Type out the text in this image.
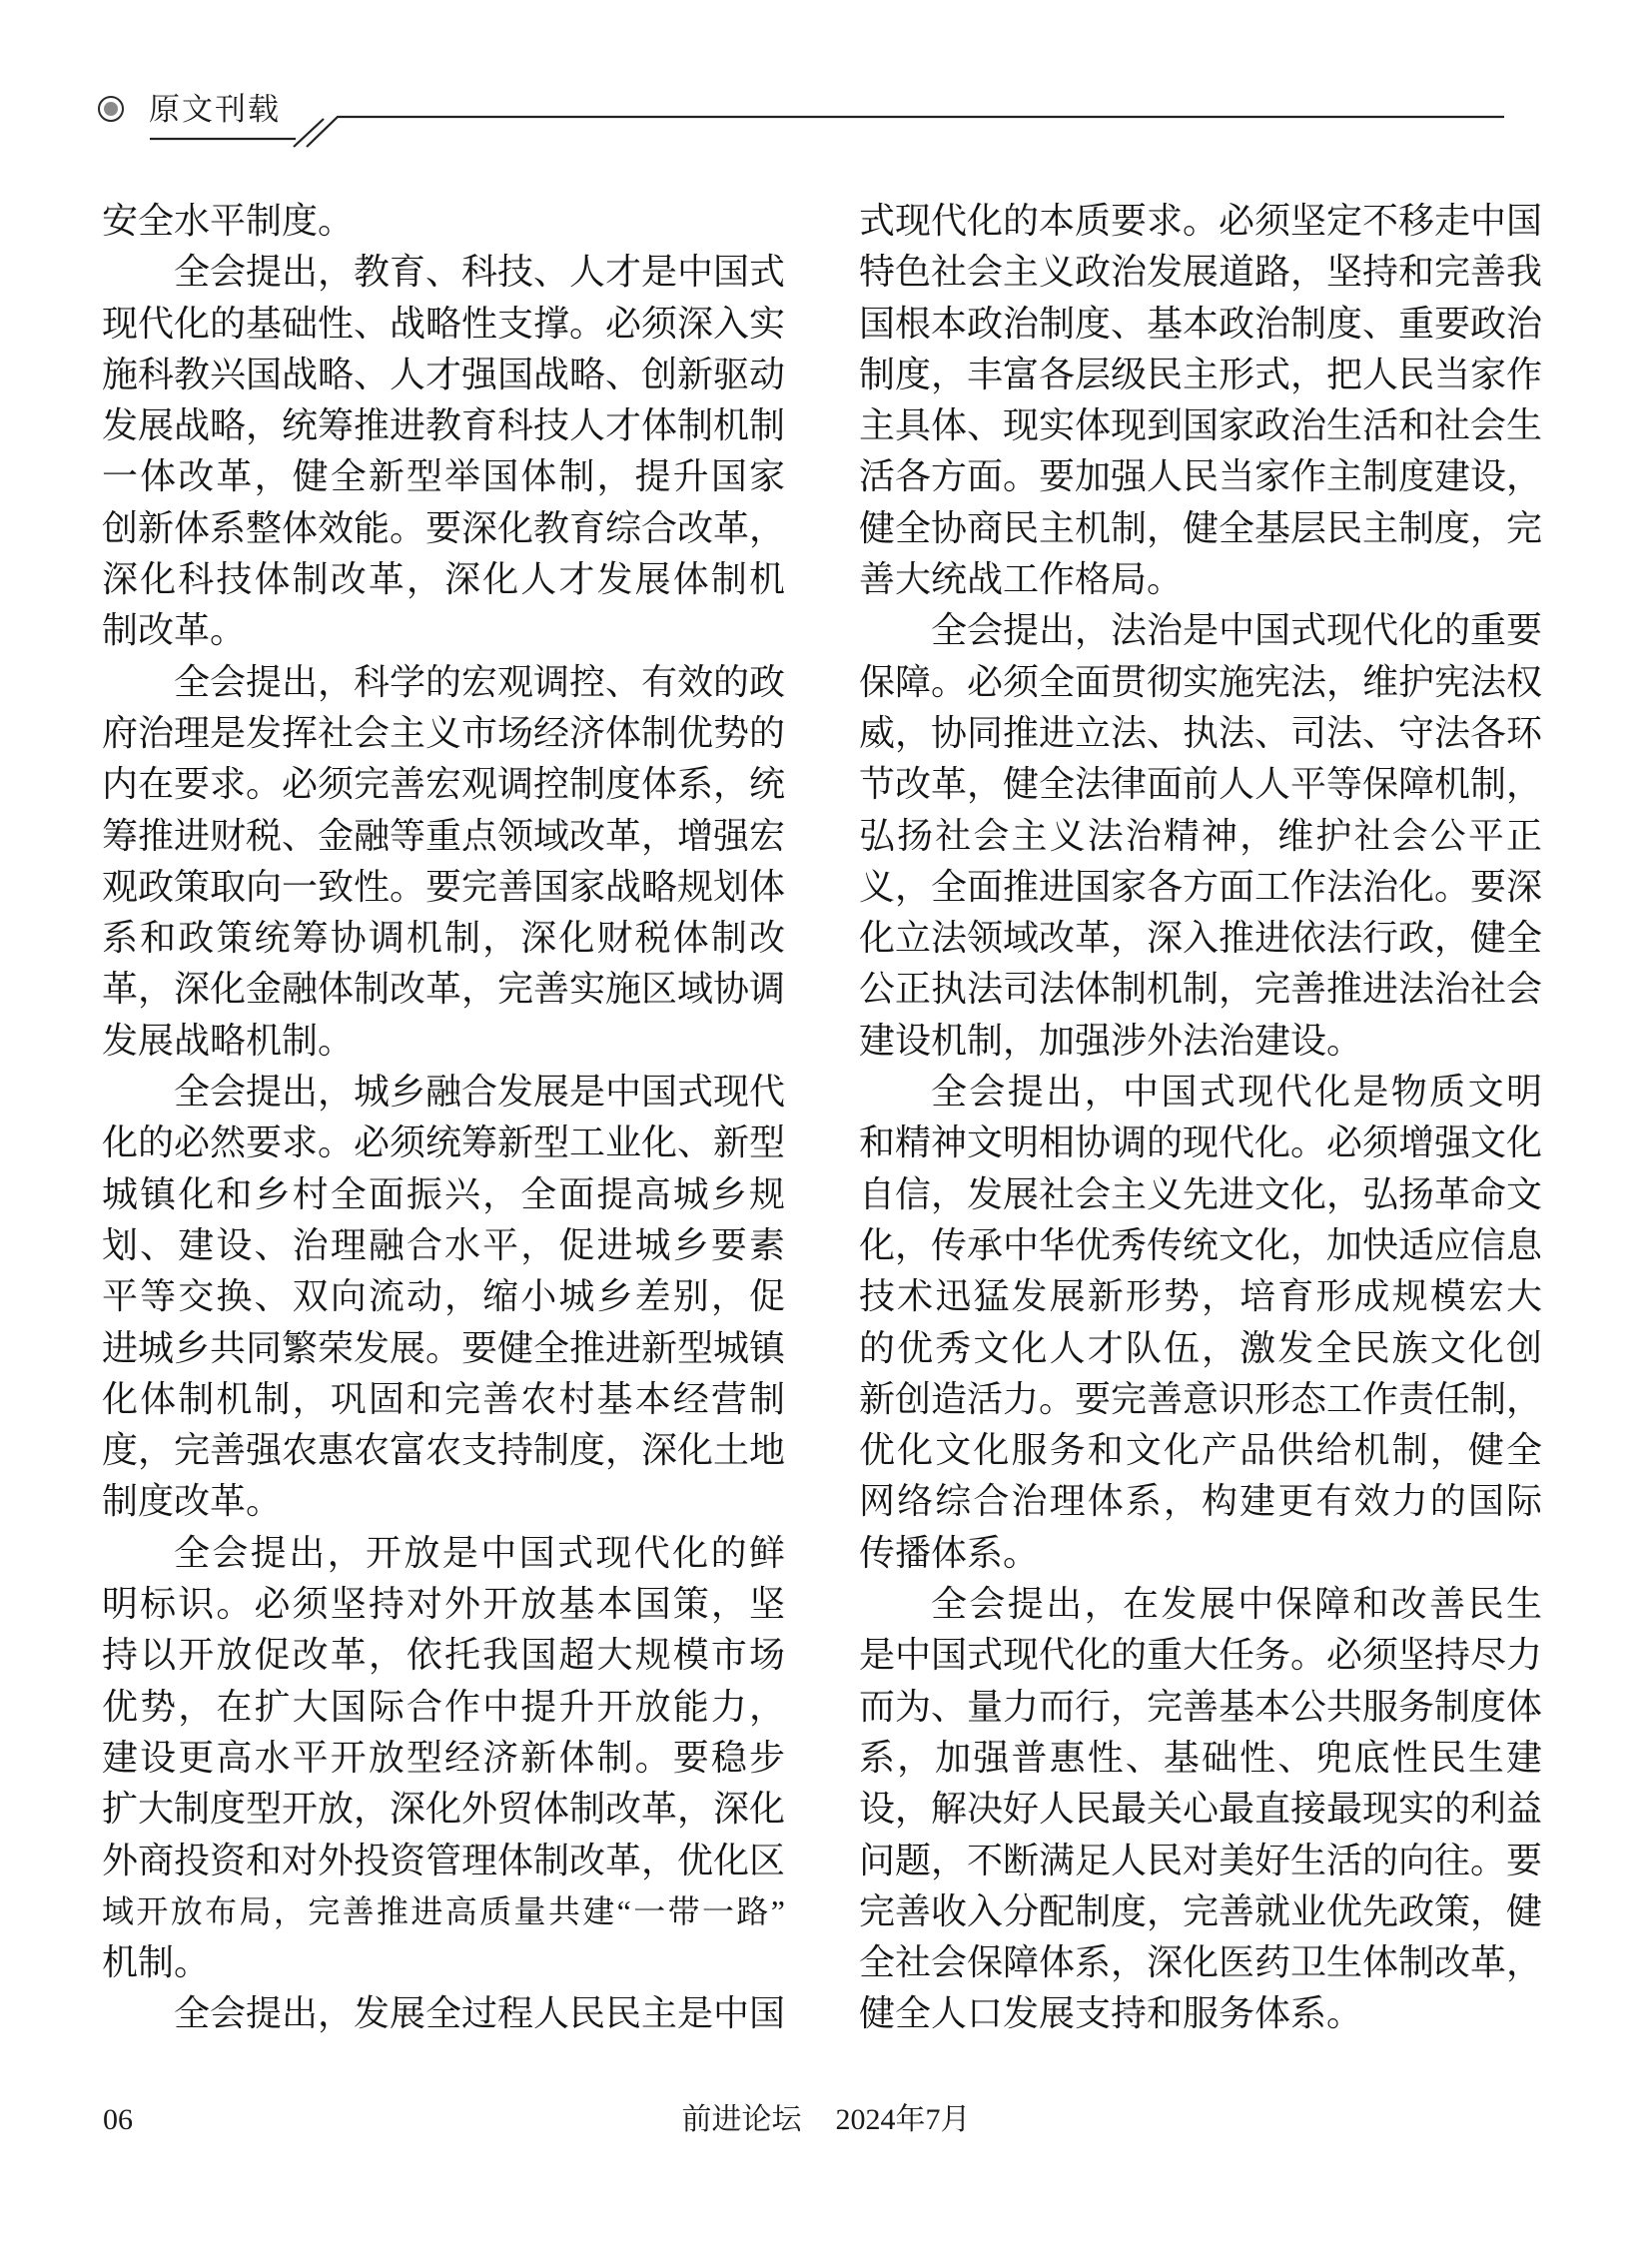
原文刊载
安全水平制度。
全会提出，教育、科技、人才是中国式
现代化的基础性、战略性支撑。必须深入实
施科教兴国战略、人才强国战略、创新驱动
发展战略，统筹推进教育科技人才体制机制
一体改革，健全新型举国体制，提升国家
创新体系整体效能。要深化教育综合改革，
深化科技体制改革，深化人才发展体制机
制改革。
全会提出，科学的宏观调控、有效的政
府治理是发挥社会主义市场经济体制优势的
内在要求。必须完善宏观调控制度体系，统
筹推进财税、金融等重点领域改革，增强宏
观政策取向一致性。要完善国家战略规划体
系和政策统筹协调机制，深化财税体制改
革，深化金融体制改革，完善实施区域协调
发展战略机制。
全会提出，城乡融合发展是中国式现代
化的必然要求。必须统筹新型工业化、新型
城镇化和乡村全面振兴，全面提高城乡规
划、建设、治理融合水平，促进城乡要素
平等交换、双向流动，缩小城乡差别，促
进城乡共同繁荣发展。要健全推进新型城镇
化体制机制，巩固和完善农村基本经营制
度，完善强农惠农富农支持制度，深化土地
制度改革。
全会提出，开放是中国式现代化的鲜
明标识。必须坚持对外开放基本国策，坚
持以开放促改革，依托我国超大规模市场
优势，在扩大国际合作中提升开放能力，
建设更高水平开放型经济新体制。要稳步
扩大制度型开放，深化外贸体制改革，深化
外商投资和对外投资管理体制改革，优化区
域开放布局，完善推进高质量共建“一带一路”
机制。
全会提出，发展全过程人民民主是中国
式现代化的本质要求。必须坚定不移走中国
特色社会主义政治发展道路，坚持和完善我
国根本政治制度、基本政治制度、重要政治
制度，丰富各层级民主形式，把人民当家作
主具体、现实体现到国家政治生活和社会生
活各方面。要加强人民当家作主制度建设，
健全协商民主机制，健全基层民主制度，完
善大统战工作格局。
全会提出，法治是中国式现代化的重要
保障。必须全面贯彻实施宪法，维护宪法权
威，协同推进立法、执法、司法、守法各环
节改革，健全法律面前人人平等保障机制，
弘扬社会主义法治精神，维护社会公平正
义，全面推进国家各方面工作法治化。要深
化立法领域改革，深入推进依法行政，健全
公正执法司法体制机制，完善推进法治社会
建设机制，加强涉外法治建设。
全会提出，中国式现代化是物质文明
和精神文明相协调的现代化。必须增强文化
自信，发展社会主义先进文化，弘扬革命文
化，传承中华优秀传统文化，加快适应信息
技术迅猛发展新形势，培育形成规模宏大
的优秀文化人才队伍，激发全民族文化创
新创造活力。要完善意识形态工作责任制，
优化文化服务和文化产品供给机制，健全
网络综合治理体系，构建更有效力的国际
传播体系。
全会提出，在发展中保障和改善民生
是中国式现代化的重大任务。必须坚持尽力
而为、量力而行，完善基本公共服务制度体
系，加强普惠性、基础性、兜底性民生建
设，解决好人民最关心最直接最现实的利益
问题，不断满足人民对美好生活的向往。要
完善收入分配制度，完善就业优先政策，健
全社会保障体系，深化医药卫生体制改革，
健全人口发展支持和服务体系。
06	前进论坛 2024年7月
